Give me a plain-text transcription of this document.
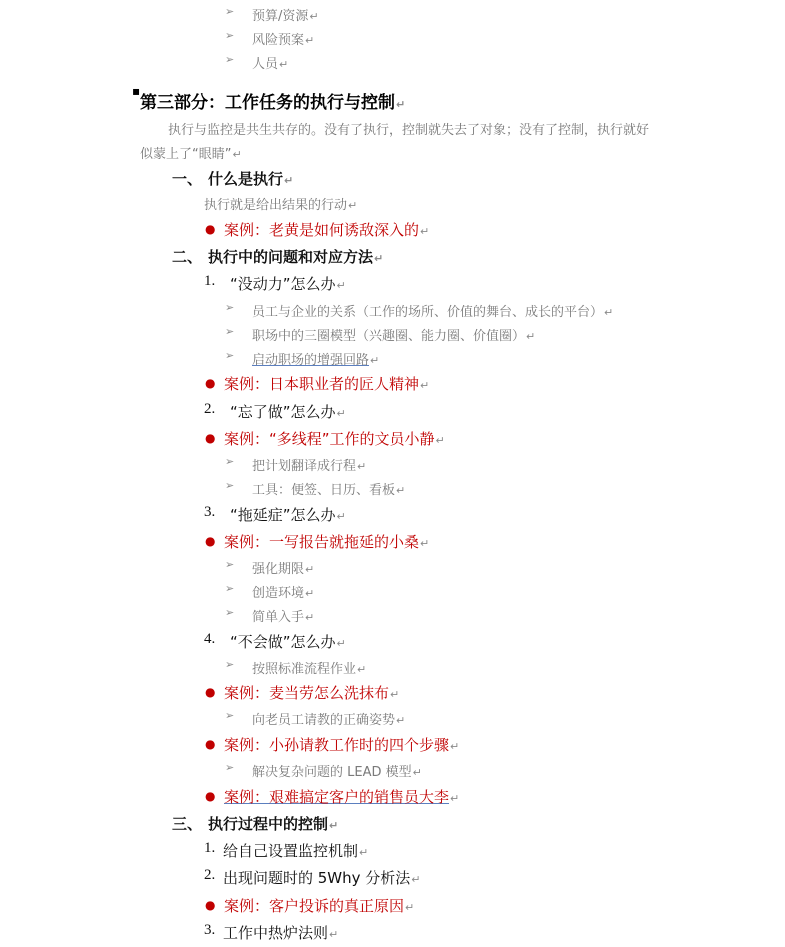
➢ 预算/资源↵
➢ 风险预案↵
➢ 人员↵
▪
第三部分：工作任务的执行与控制↵
执行与监控是共生共存的。没有了执行，控制就失去了对象；没有了控制，执行就好
似蒙上了“眼睛”↵
一、 什么是执行↵
执行就是给出结果的行动↵
● 案例：老黄是如何诱敌深入的↵
二、 执行中的问题和对应方法↵
1. “没动力”怎么办↵
➢ 员工与企业的关系（工作的场所、价值的舞台、成长的平台）↵
➢ 职场中的三圈模型（兴趣圈、能力圈、价值圈）↵
➢ 启动职场的增强回路↵
● 案例：日本职业者的匠人精神↵
2. “忘了做”怎么办↵
● 案例：“多线程”工作的文员小静↵
➢ 把计划翻译成行程↵
➢ 工具：便签、日历、看板↵
3. “拖延症”怎么办↵
● 案例：一写报告就拖延的小桑↵
➢ 强化期限↵
➢ 创造环境↵
➢ 简单入手↵
4. “不会做”怎么办↵
➢ 按照标准流程作业↵
● 案例：麦当劳怎么洗抹布↵
➢ 向老员工请教的正确姿势↵
● 案例：小孙请教工作时的四个步骤↵
➢ 解决复杂问题的 LEAD 模型↵
● 案例：艰难搞定客户的销售员大李↵
三、 执行过程中的控制↵
1. 给自己设置监控机制↵
2. 出现问题时的 5Why 分析法↵
● 案例：客户投诉的真正原因↵
3. 工作中热炉法则↵
